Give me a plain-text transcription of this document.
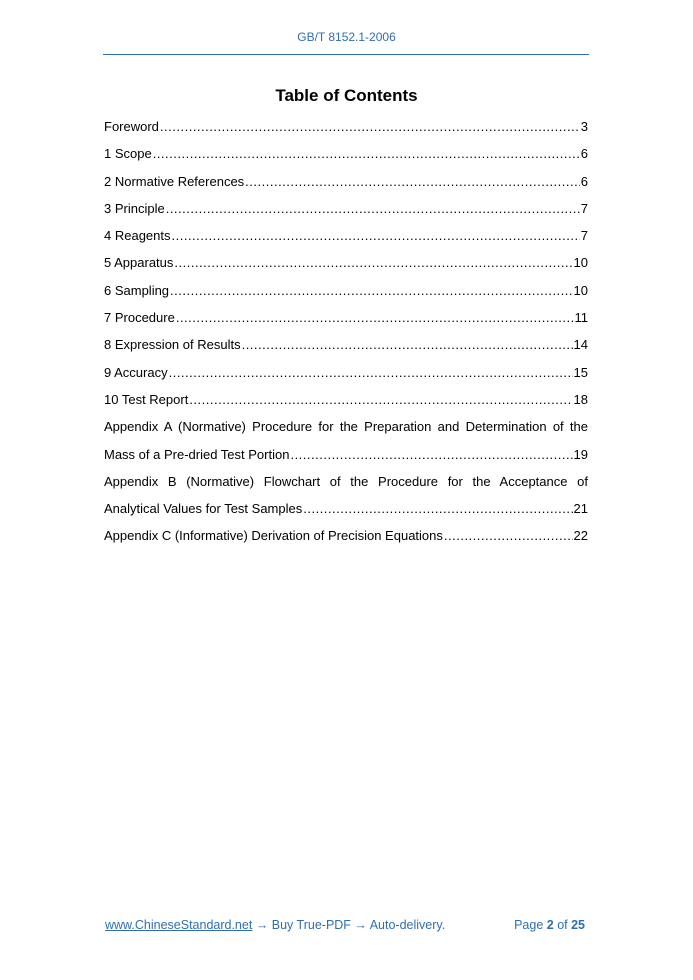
GB/T 8152.1-2006
Table of Contents
Foreword .....	3
1 Scope .....	6
2 Normative References .....	6
3 Principle .....	7
4 Reagents .....	7
5 Apparatus .....	10
6 Sampling .....	10
7 Procedure .....	11
8 Expression of Results .....	14
9 Accuracy .....	15
10 Test Report .....	18
Appendix A (Normative) Procedure for the Preparation and Determination of the
Mass of a Pre-dried Test Portion .....	19
Appendix B (Normative) Flowchart of the Procedure for the Acceptance of
Analytical Values for Test Samples .....	21
Appendix C (Informative) Derivation of Precision Equations .....	22
www.ChineseStandard.net → Buy True-PDF → Auto-delivery.	Page 2 of 25
